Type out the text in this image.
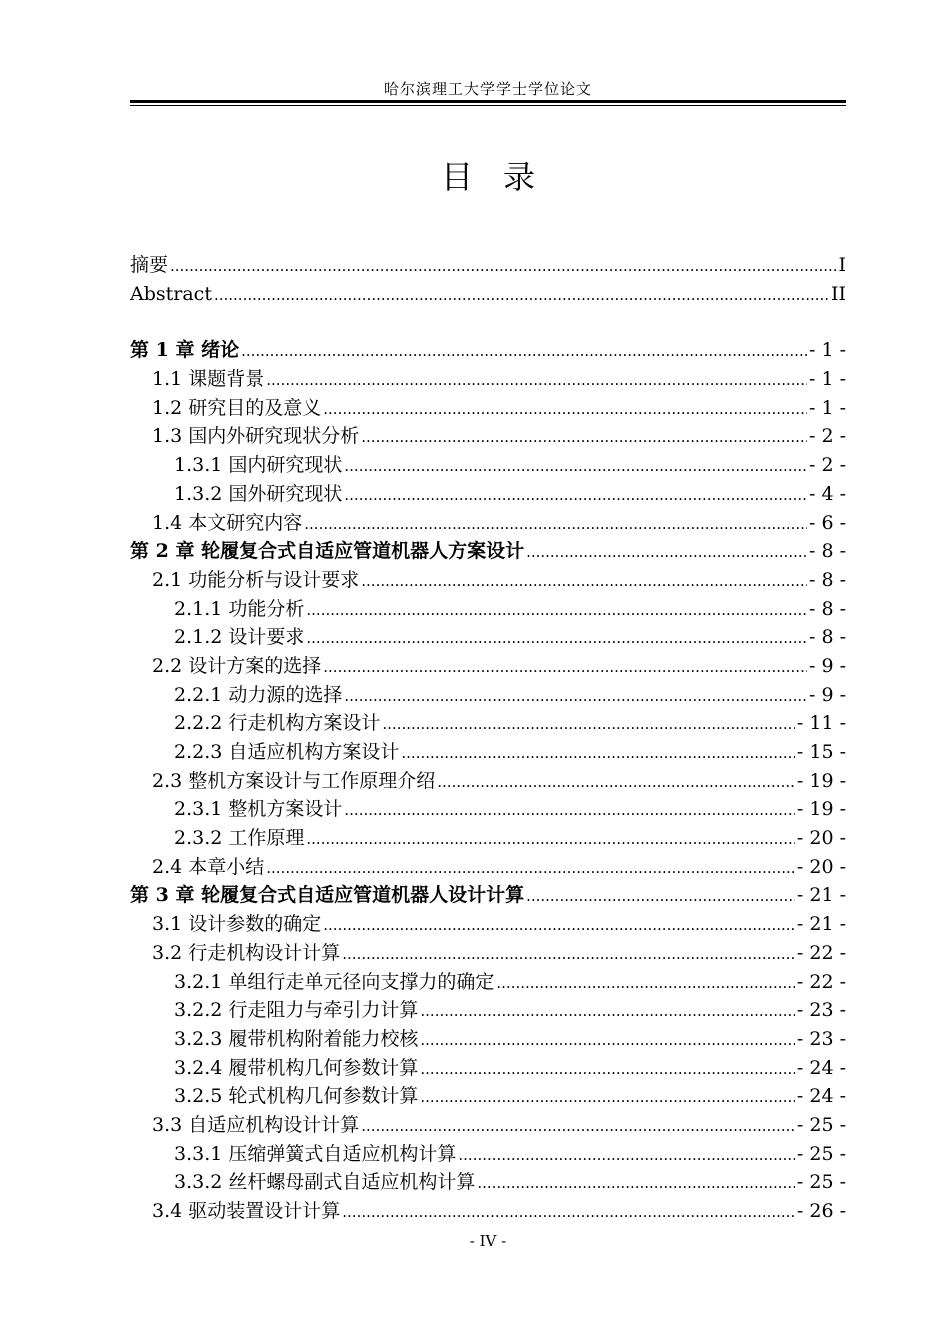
哈尔滨理工大学学士学位论文
目录
摘要 .....	I
Abstract .....	II
第 1 章 绪论 .....	- 1 -
1.1 课题背景 .....	- 1 -
1.2 研究目的及意义 .....	- 1 -
1.3 国内外研究现状分析 .....	- 2 -
1.3.1 国内研究现状 .....	- 2 -
1.3.2 国外研究现状 .....	- 4 -
1.4 本文研究内容 .....	- 6 -
第 2 章 轮履复合式自适应管道机器人方案设计 .....	- 8 -
2.1 功能分析与设计要求 .....	- 8 -
2.1.1 功能分析 .....	- 8 -
2.1.2 设计要求 .....	- 8 -
2.2 设计方案的选择 .....	- 9 -
2.2.1 动力源的选择 .....	- 9 -
2.2.2 行走机构方案设计 .....	- 11 -
2.2.3 自适应机构方案设计 .....	- 15 -
2.3 整机方案设计与工作原理介绍 .....	- 19 -
2.3.1 整机方案设计 .....	- 19 -
2.3.2 工作原理 .....	- 20 -
2.4 本章小结 .....	- 20 -
第 3 章 轮履复合式自适应管道机器人设计计算 .....	- 21 -
3.1 设计参数的确定 .....	- 21 -
3.2 行走机构设计计算 .....	- 22 -
3.2.1 单组行走单元径向支撑力的确定 .....	- 22 -
3.2.2 行走阻力与牵引力计算 .....	- 23 -
3.2.3 履带机构附着能力校核 .....	- 23 -
3.2.4 履带机构几何参数计算 .....	- 24 -
3.2.5 轮式机构几何参数计算 .....	- 24 -
3.3 自适应机构设计计算 .....	- 25 -
3.3.1 压缩弹簧式自适应机构计算 .....	- 25 -
3.3.2 丝杆螺母副式自适应机构计算 .....	- 25 -
3.4 驱动装置设计计算 .....	- 26 -
- IV -
